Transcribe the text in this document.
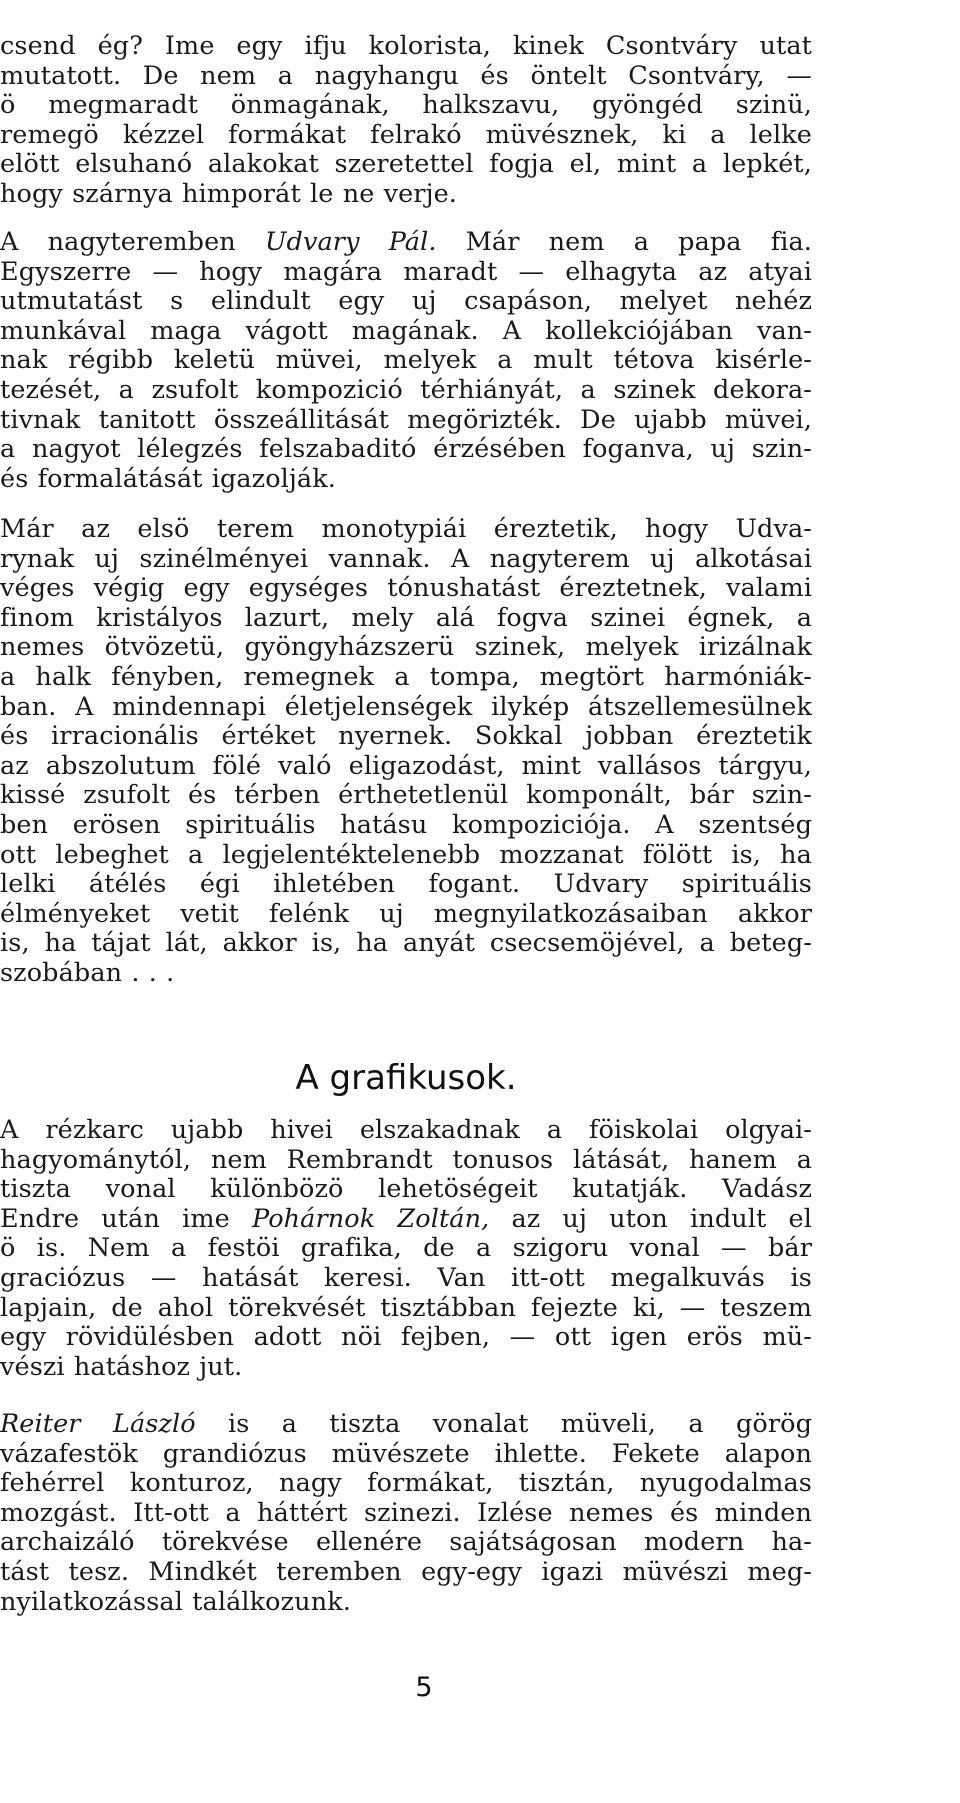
csend ég? Ime egy ifju kolorista, kinek Csontváry utat
mutatott. De nem a nagyhangu és öntelt Csontváry, —
ö megmaradt önmagának, halkszavu, gyöngéd szinü,
remegö kézzel formákat felrakó müvésznek, ki a lelke
elött elsuhanó alakokat szeretettel fogja el, mint a lepkét,
hogy szárnya himporát le ne verje.
A nagyteremben Udvary Pál. Már nem a papa fia.
Egyszerre — hogy magára maradt — elhagyta az atyai
utmutatást s elindult egy uj csapáson, melyet nehéz
munkával maga vágott magának. A kollekciójában van-
nak régibb keletü müvei, melyek a mult tétova kisérle-
tezését, a zsufolt kompozició térhiányát, a szinek dekora-
tivnak tanitott összeállitását megörizték. De ujabb müvei,
a nagyot lélegzés felszabaditó érzésében foganva, uj szin-
és formalátását igazolják.
Már az elsö terem monotypiái éreztetik, hogy Udva-
rynak uj szinélményei vannak. A nagyterem uj alkotásai
véges végig egy egységes tónushatást éreztetnek, valami
finom kristályos lazurt, mely alá fogva szinei égnek, a
nemes ötvözetü, gyöngyházszerü szinek, melyek irizálnak
a halk fényben, remegnek a tompa, megtört harmóniák-
ban. A mindennapi életjelenségek ilykép átszellemesülnek
és irracionális értéket nyernek. Sokkal jobban éreztetik
az abszolutum fölé való eligazodást, mint vallásos tárgyu,
kissé zsufolt és térben érthetetlenül komponált, bár szin-
ben erösen spirituális hatásu kompoziciója. A szentség
ott lebeghet a legjelentéktelenebb mozzanat fölött is, ha
lelki átélés égi ihletében fogant. Udvary spirituális
élményeket vetit felénk uj megnyilatkozásaiban akkor
is, ha tájat lát, akkor is, ha anyát csecsemöjével, a beteg-
szobában . . .
A grafikusok.
A rézkarc ujabb hivei elszakadnak a föiskolai olgyai-
hagyománytól, nem Rembrandt tonusos látását, hanem a
tiszta vonal különbözö lehetöségeit kutatják. Vadász
Endre után ime Pohárnok Zoltán, az uj uton indult el
ö is. Nem a festöi grafika, de a szigoru vonal — bár
graciózus — hatását keresi. Van itt-ott megalkuvás is
lapjain, de ahol törekvését tisztábban fejezte ki, — teszem
egy rövidülésben adott nöi fejben, — ott igen erös mü-
vészi hatáshoz jut.
Reiter László is a tiszta vonalat müveli, a görög
vázafestök grandiózus müvészete ihlette. Fekete alapon
fehérrel konturoz, nagy formákat, tisztán, nyugodalmas
mozgást. Itt-ott a háttért szinezi. Izlése nemes és minden
archaizáló törekvése ellenére sajátságosan modern ha-
tást tesz. Mindkét teremben egy-egy igazi müvészi meg-
nyilatkozással találkozunk.
5
